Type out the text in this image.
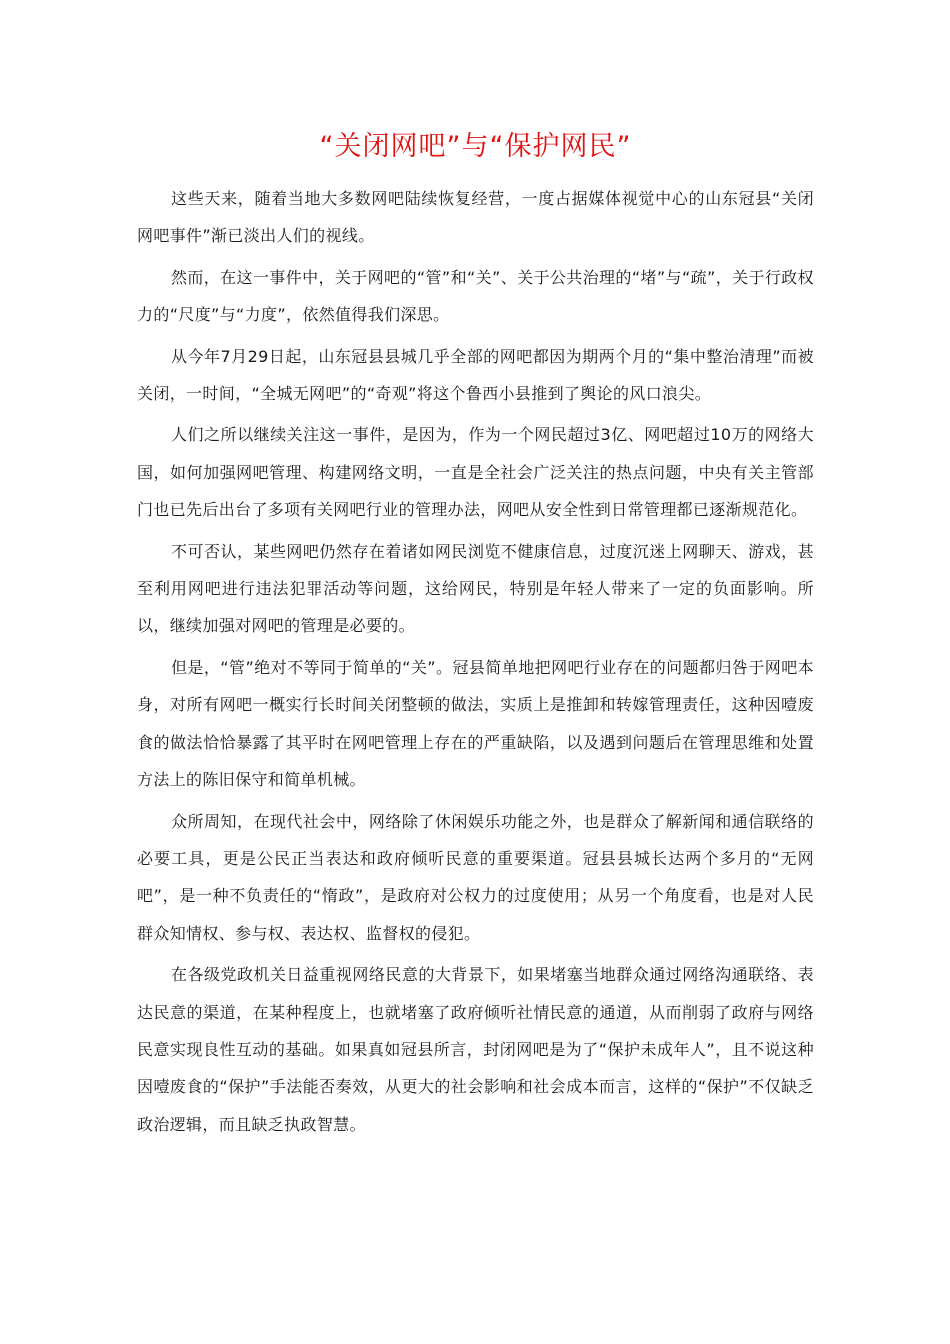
“关闭网吧”与“保护网民”

这些天来，随着当地大多数网吧陆续恢复经营，一度占据媒体视觉中心的山东冠县“关闭网吧事件”渐已淡出人们的视线。

然而，在这一事件中，关于网吧的“管”和“关”、关于公共治理的“堵”与“疏”，关于行政权力的“尺度”与“力度”，依然值得我们深思。

从今年7月29日起，山东冠县县城几乎全部的网吧都因为期两个月的“集中整治清理”而被关闭，一时间，“全城无网吧”的“奇观”将这个鲁西小县推到了舆论的风口浪尖。

人们之所以继续关注这一事件，是因为，作为一个网民超过3亿、网吧超过10万的网络大国，如何加强网吧管理、构建网络文明，一直是全社会广泛关注的热点问题，中央有关主管部门也已先后出台了多项有关网吧行业的管理办法，网吧从安全性到日常管理都已逐渐规范化。

不可否认，某些网吧仍然存在着诸如网民浏览不健康信息，过度沉迷上网聊天、游戏，甚至利用网吧进行违法犯罪活动等问题，这给网民，特别是年轻人带来了一定的负面影响。所以，继续加强对网吧的管理是必要的。

但是，“管”绝对不等同于简单的“关”。冠县简单地把网吧行业存在的问题都归咎于网吧本身，对所有网吧一概实行长时间关闭整顿的做法，实质上是推卸和转嫁管理责任，这种因噎废食的做法恰恰暴露了其平时在网吧管理上存在的严重缺陷，以及遇到问题后在管理思维和处置方法上的陈旧保守和简单机械。

众所周知，在现代社会中，网络除了休闲娱乐功能之外，也是群众了解新闻和通信联络的必要工具，更是公民正当表达和政府倾听民意的重要渠道。冠县县城长达两个多月的“无网吧”，是一种不负责任的“惰政”，是政府对公权力的过度使用；从另一个角度看，也是对人民群众知情权、参与权、表达权、监督权的侵犯。

在各级党政机关日益重视网络民意的大背景下，如果堵塞当地群众通过网络沟通联络、表达民意的渠道，在某种程度上，也就堵塞了政府倾听社情民意的通道，从而削弱了政府与网络民意实现良性互动的基础。如果真如冠县所言，封闭网吧是为了“保护未成年人”，且不说这种因噎废食的“保护”手法能否奏效，从更大的社会影响和社会成本而言，这样的“保护”不仅缺乏政治逻辑，而且缺乏执政智慧。
